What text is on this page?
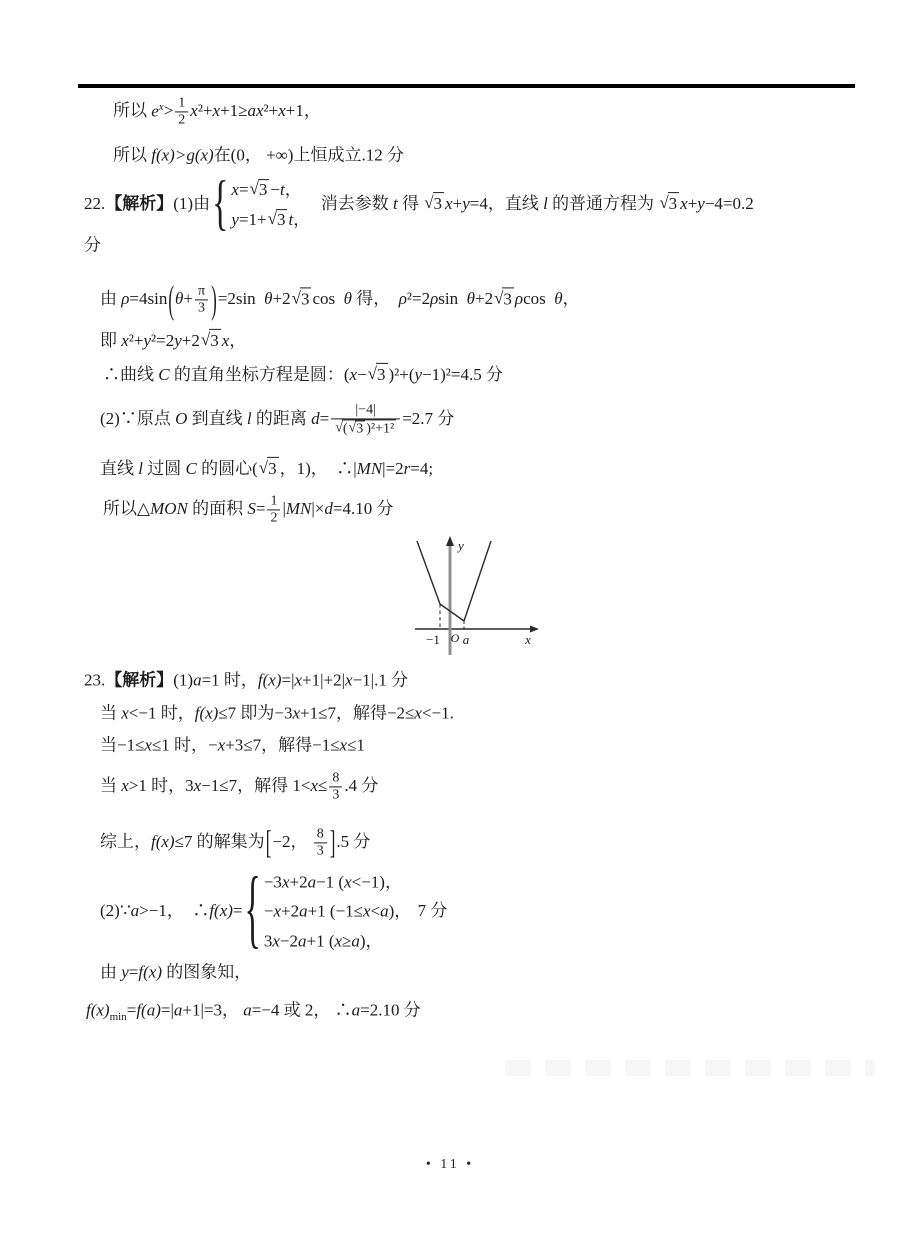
所以 $e^x> \frac{1}{2} x^2+x+1\ge ax^2+x+1$，
所以 f(x)>g(x)在(0， +∞)上恒成立.12 分
22.【解析】(1)由 { x=√3 −t，
y=1+√3 t，
消去参数 t 得 √3 x+y=4，直线 l 的普通方程为 √3 x+y−4=0.2
分
由 $\rho=4\sin(\theta+ \frac{\pi}{3} )=2\sin$  θ+2√3 cos  θ 得，  ρ²=2ρsin  θ+2√3 ρcos  θ，
即 x²+y²=2y+2√3 x，
∴曲线 C 的直角坐标方程是圆：(x−√3 )²+(y−1)²=4.5 分
(2)∵原点 O 到直线 l 的距离 $d= \frac{|-4|}{\text{√(√3 )²+1²}} =2.7$ 分
直线 l 过圆 C 的圆心(√3 ，1)，  ∴|MN|=2r=4;
所以△MON 的面积 $S= \frac{1}{2} |MN|\times d=4.10$ 分
23.【解析】(1)a=1 时，f(x)=|x+1|+2|x−1|.1 分
当 x<−1 时，f(x)≤7 即为−3x+1≤7，解得−2≤x<−1.
当−1≤x≤1 时，−x+3≤7，解得−1≤x≤1
当 x>1 时，3x−1≤7，解得 $1<x\le \frac{8}{3} .4$ 分
综上，f(x)≤7 的解集为[−2， $\frac{8}{3} ].5$ 分
(2)∵a>−1，  ∴f(x)= { −3x+2a−1 (x<−1)，
−x+2a+1 (−1≤x<a)，
3x−2a+1 (x≥a)，
7 分
由 y=f(x) 的图象知，
$f(x)_{min}=f(a)=|a+1|=3$， a=−4 或 2， ∴a=2.10 分
−1 O a	x
y
• 11 •
